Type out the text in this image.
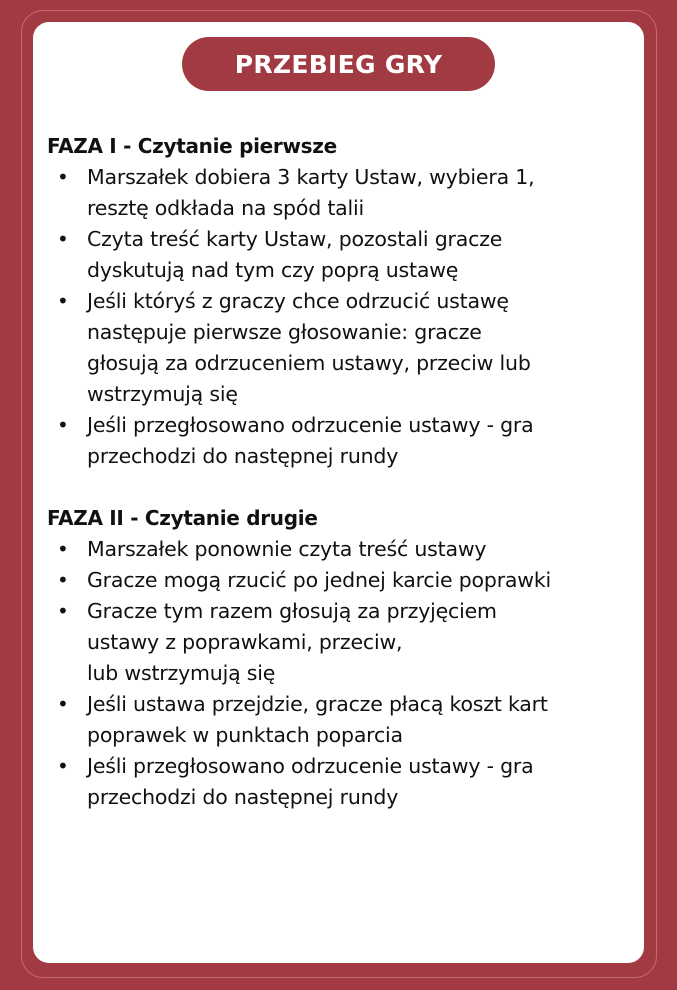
PRZEBIEG GRY
FAZA I - Czytanie pierwsze
• Marszałek dobiera 3 karty Ustaw, wybiera 1,
resztę odkłada na spód talii
• Czyta treść karty Ustaw, pozostali gracze
dyskutują nad tym czy poprą ustawę
• Jeśli któryś z graczy chce odrzucić ustawę
następuje pierwsze głosowanie: gracze
głosują za odrzuceniem ustawy, przeciw lub
wstrzymują się
• Jeśli przegłosowano odrzucenie ustawy - gra
przechodzi do następnej rundy
FAZA II - Czytanie drugie
• Marszałek ponownie czyta treść ustawy
• Gracze mogą rzucić po jednej karcie poprawki
• Gracze tym razem głosują za przyjęciem
ustawy z poprawkami, przeciw,
lub wstrzymują się
• Jeśli ustawa przejdzie, gracze płacą koszt kart
poprawek w punktach poparcia
• Jeśli przegłosowano odrzucenie ustawy - gra
przechodzi do następnej rundy
